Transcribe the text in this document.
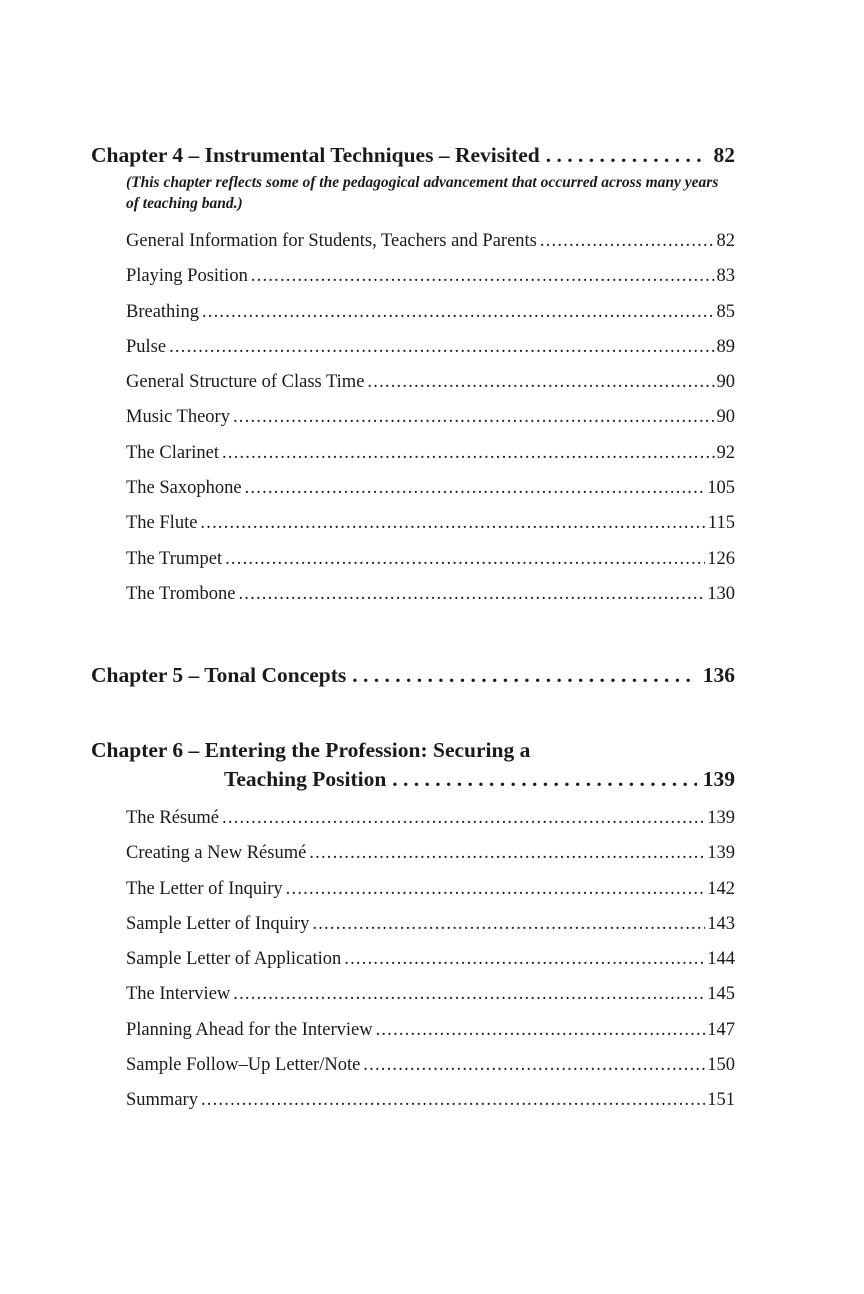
Chapter 4 – Instrumental Techniques – Revisited . . .	82
(This chapter reflects some of the pedagogical advancement that occurred across many years of teaching band.)
General Information for Students, Teachers and Parents .....	82
Playing Position .....	83
Breathing .....	85
Pulse .....	89
General Structure of Class Time .....	90
Music Theory .....	90
The Clarinet .....	92
The Saxophone .....	105
The Flute .....	115
The Trumpet .....	126
The Trombone .....	130
Chapter 5 – Tonal Concepts . . .	136
Chapter 6 – Entering the Profession: Securing a
Teaching Position . . .	139
The Résumé .....	139
Creating a New Résumé .....	139
The Letter of Inquiry .....	142
Sample Letter of Inquiry .....	143
Sample Letter of Application .....	144
The Interview .....	145
Planning Ahead for the Interview .....	147
Sample Follow–Up Letter/Note .....	150
Summary .....	151
